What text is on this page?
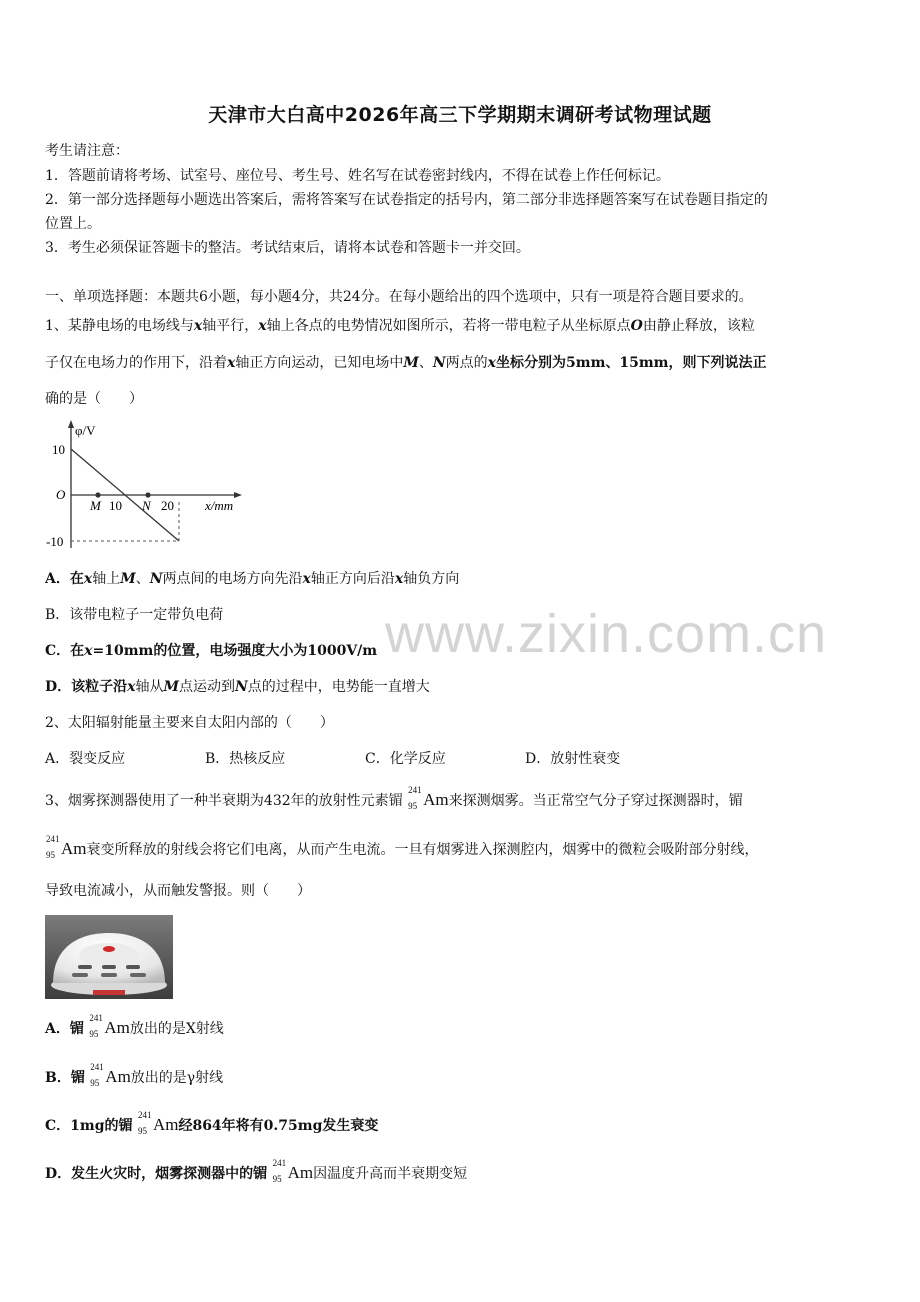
天津市大白高中2026年高三下学期期末调研考试物理试题
考生请注意：
1．答题前请将考场、试室号、座位号、考生号、姓名写在试卷密封线内，不得在试卷上作任何标记。
2．第一部分选择题每小题选出答案后，需将答案写在试卷指定的括号内，第二部分非选择题答案写在试卷题目指定的
位置上。
3．考生必须保证答题卡的整洁。考试结束后，请将本试卷和答题卡一并交回。
一、单项选择题：本题共6小题，每小题4分，共24分。在每小题给出的四个选项中，只有一项是符合题目要求的。
1、某静电场的电场线与x轴平行，x轴上各点的电势情况如图所示，若将一带电粒子从坐标原点O由静止释放，该粒
子仅在电场力的作用下，沿着x轴正方向运动，已知电场中M、N两点的x坐标分别为5mm、15mm，则下列说法正
确的是（　　）
φ/V
10
-10
O
M 10 N 20 x/mm
A．在x轴上M、N两点间的电场方向先沿x轴正方向后沿x轴负方向
B．该带电粒子一定带负电荷
C．在x=10mm的位置，电场强度大小为1000V/m
D．该粒子沿x轴从M点运动到N点的过程中，电势能一直增大
www.zixin.com.cn
2、太阳辐射能量主要来自太阳内部的（　　）
A．裂变反应	B．热核反应	C．化学反应	D．放射性衰变
3、烟雾探测器使用了一种半衰期为432年的放射性元素镅
241
95 Am来探测烟雾。当正常空气分子穿过探测器时，镅
241
95 Am衰变所释放的射线会将它们电离，从而产生电流。一旦有烟雾进入探测腔内，烟雾中的微粒会吸附部分射线，
导致电流减小，从而触发警报。则（　　）
A．镅
241
95 Am放出的是X射线
B．镅
241
95 Am放出的是γ射线
C．1mg的镅
241
95 Am经864年将有0.75mg发生衰变
D．发生火灾时，烟雾探测器中的镅
241
95 Am因温度升高而半衰期变短
